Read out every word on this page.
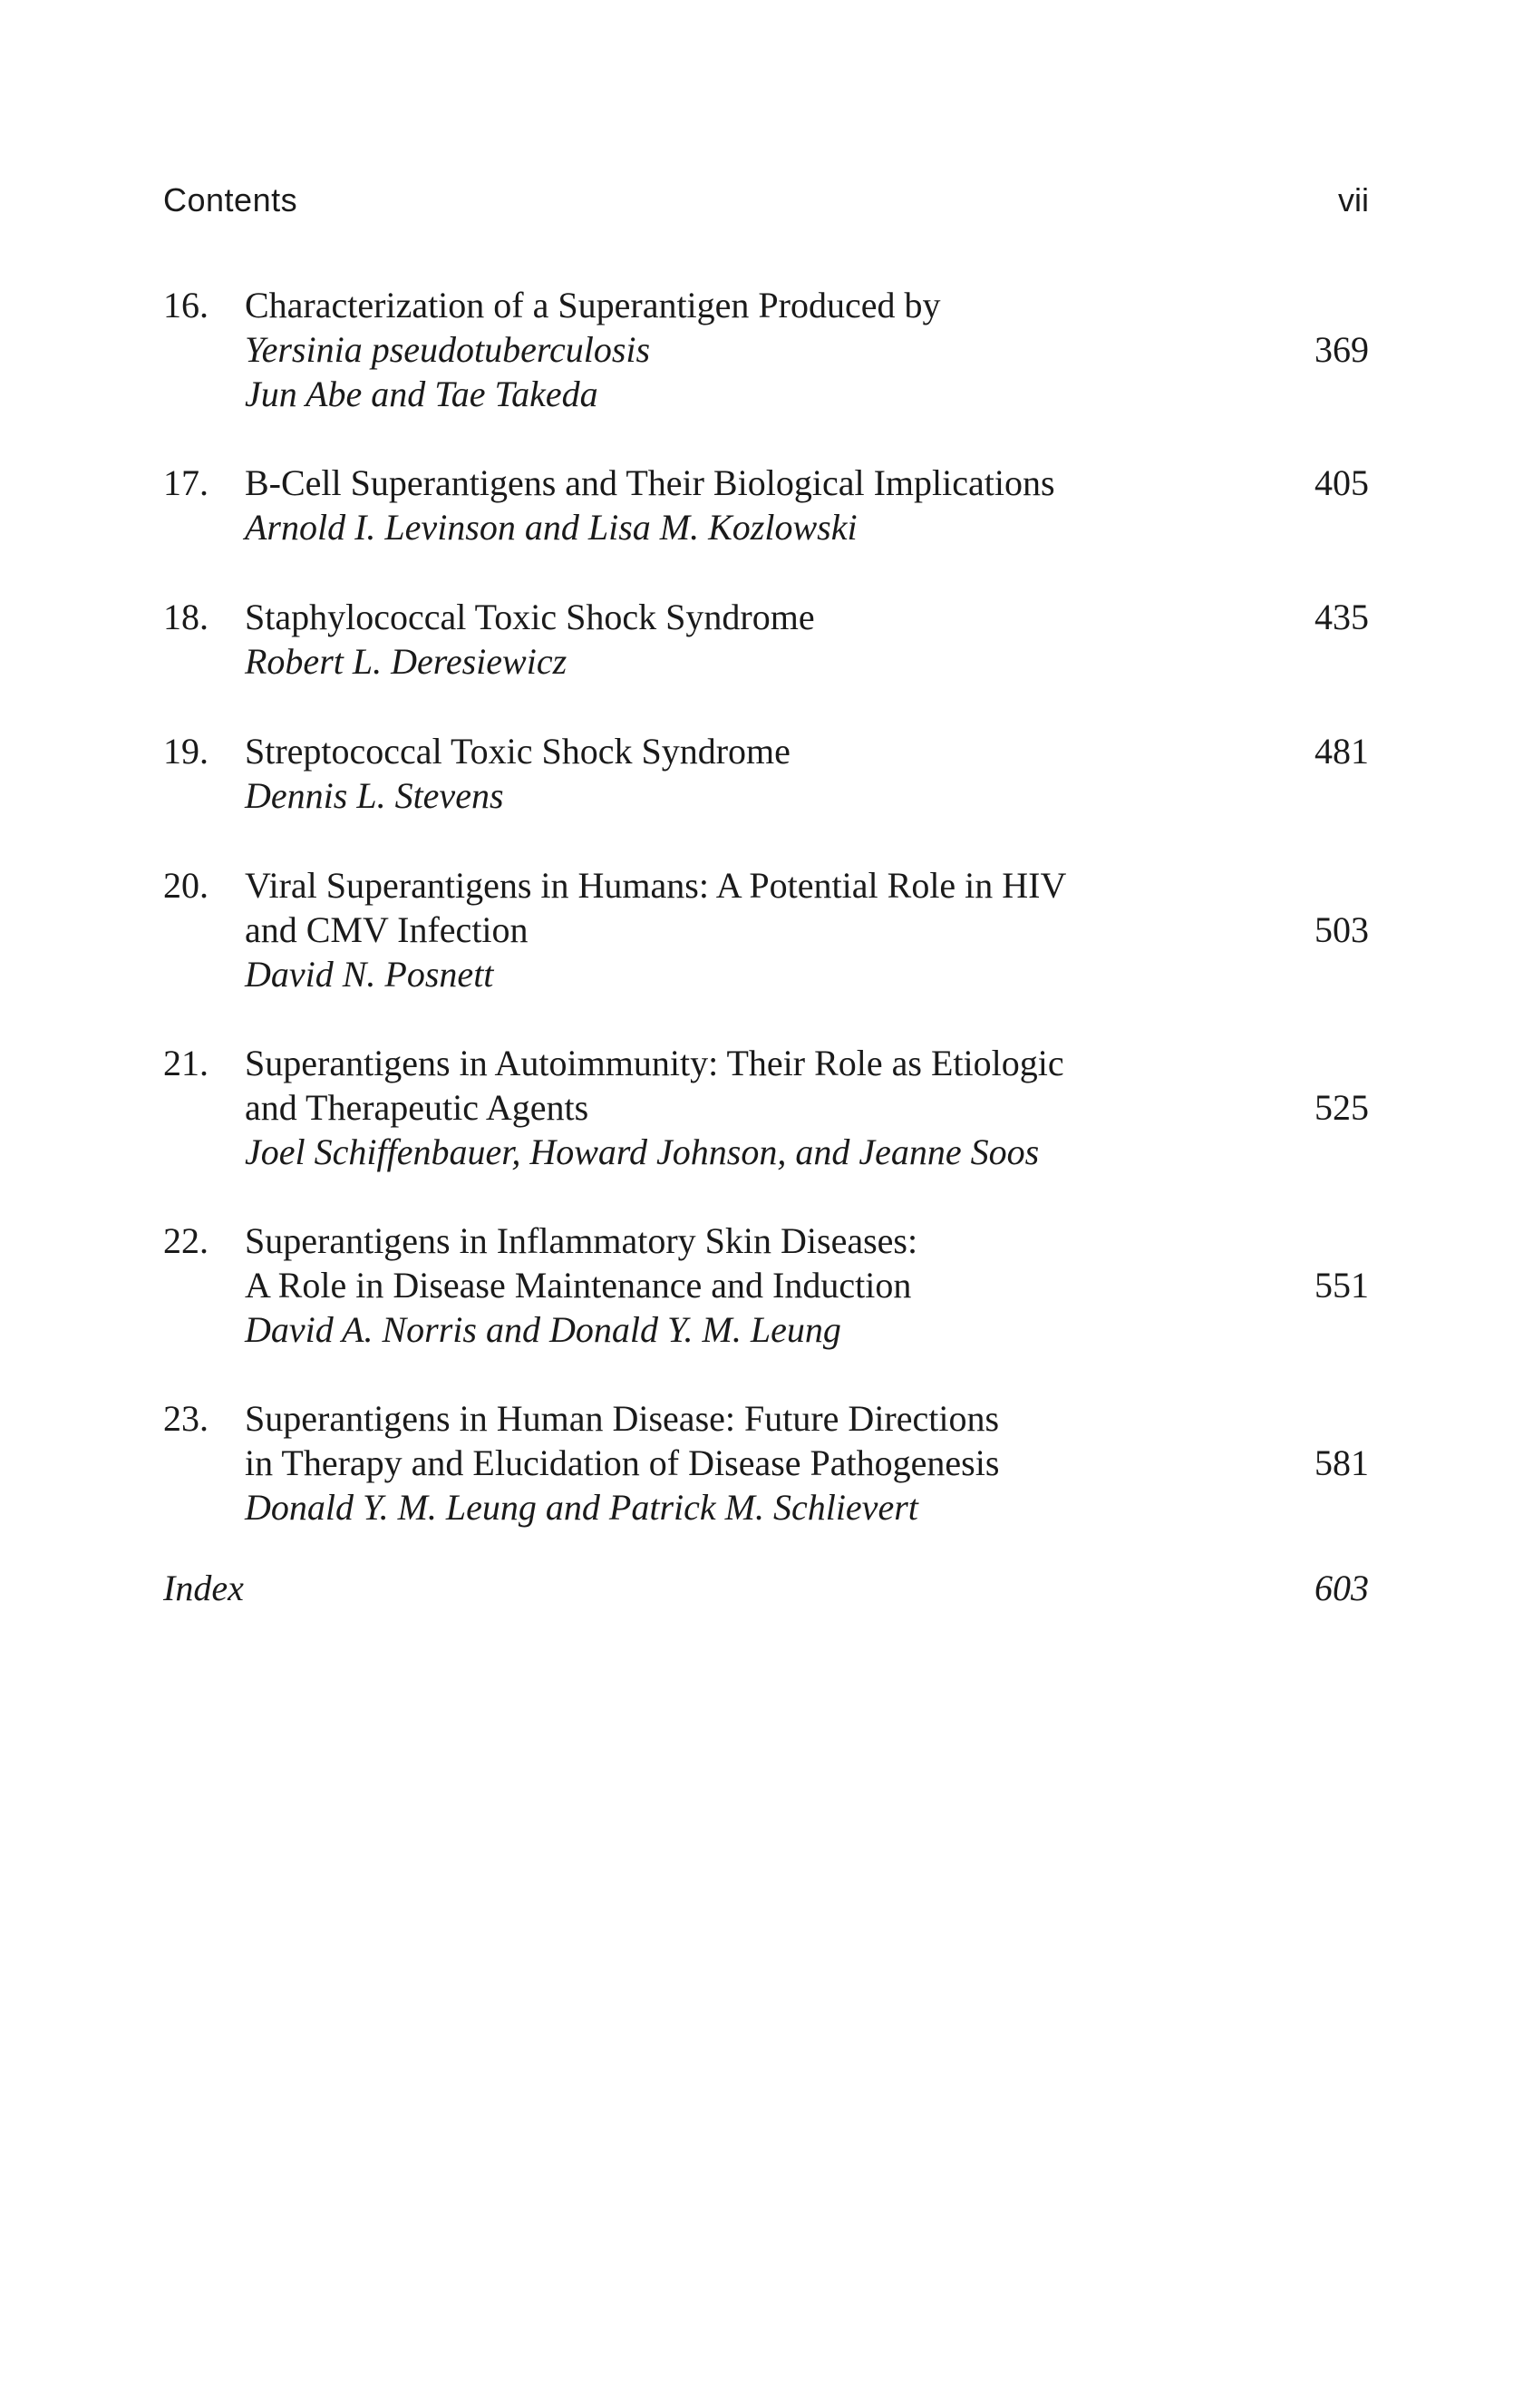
Contents	vii
16.	Characterization of a Superantigen Produced by
Yersinia pseudotuberculosis	369
Jun Abe and Tae Takeda
17.	B-Cell Superantigens and Their Biological Implications	405
Arnold I. Levinson and Lisa M. Kozlowski
18.	Staphylococcal Toxic Shock Syndrome	435
Robert L. Deresiewicz
19.	Streptococcal Toxic Shock Syndrome	481
Dennis L. Stevens
20.	Viral Superantigens in Humans: A Potential Role in HIV
and CMV Infection	503
David N. Posnett
21.	Superantigens in Autoimmunity: Their Role as Etiologic
and Therapeutic Agents	525
Joel Schiffenbauer, Howard Johnson, and Jeanne Soos
22.	Superantigens in Inflammatory Skin Diseases:
A Role in Disease Maintenance and Induction	551
David A. Norris and Donald Y. M. Leung
23.	Superantigens in Human Disease: Future Directions
in Therapy and Elucidation of Disease Pathogenesis	581
Donald Y. M. Leung and Patrick M. Schlievert
Index	603
